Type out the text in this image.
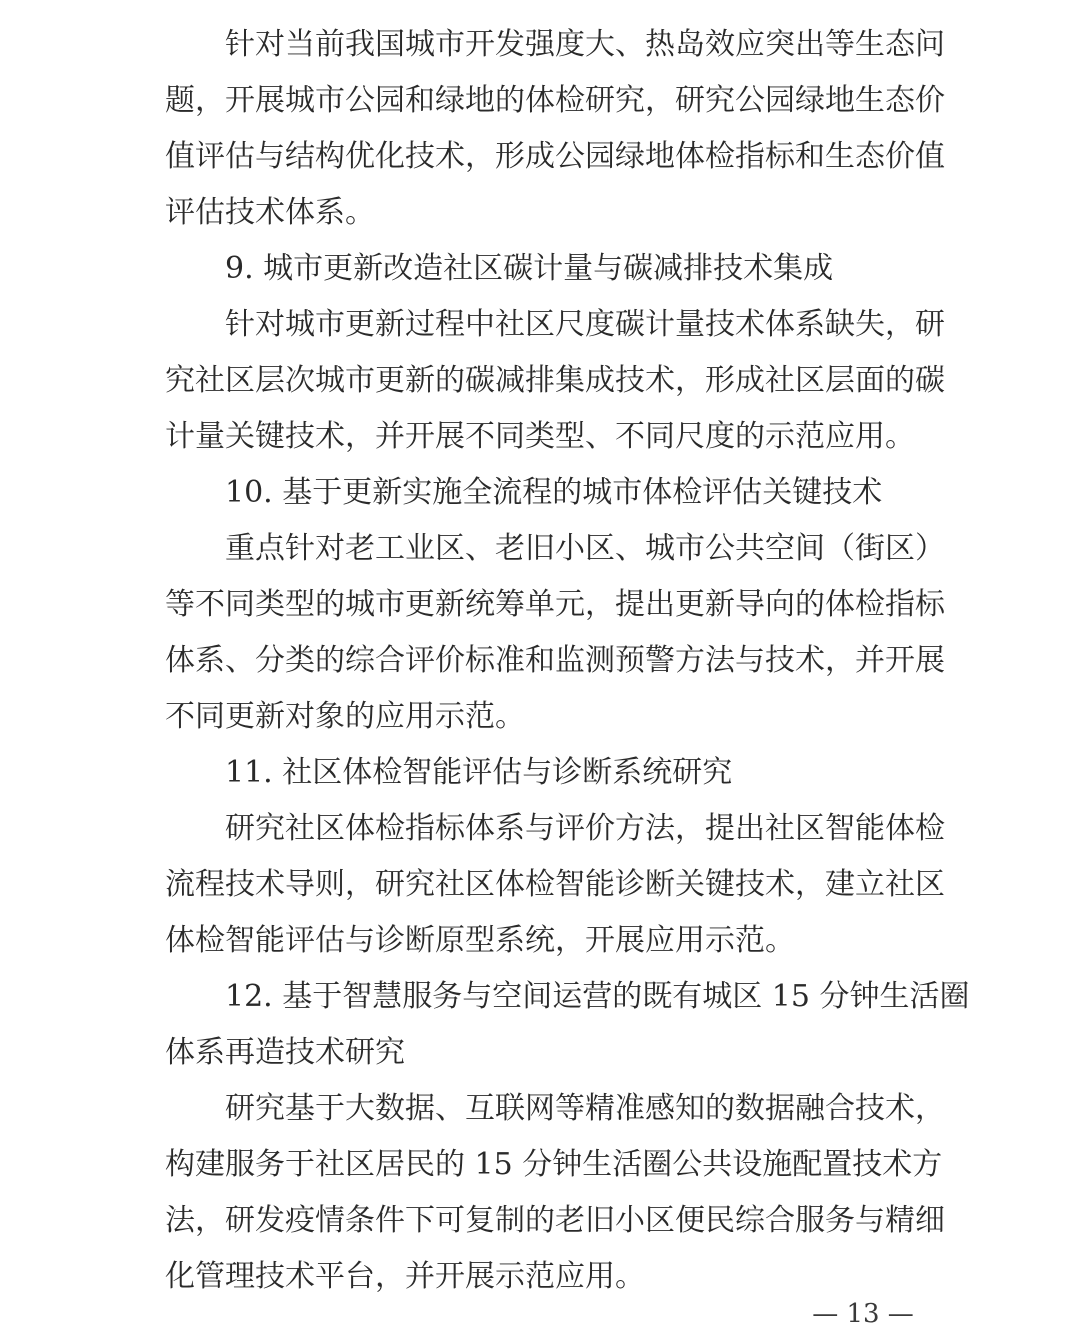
针对当前我国城市开发强度大、热岛效应突出等生态问
题，开展城市公园和绿地的体检研究，研究公园绿地生态价
值评估与结构优化技术，形成公园绿地体检指标和生态价值
评估技术体系。
9. 城市更新改造社区碳计量与碳减排技术集成
针对城市更新过程中社区尺度碳计量技术体系缺失，研
究社区层次城市更新的碳减排集成技术，形成社区层面的碳
计量关键技术，并开展不同类型、不同尺度的示范应用。
10. 基于更新实施全流程的城市体检评估关键技术
重点针对老工业区、老旧小区、城市公共空间（街区）
等不同类型的城市更新统筹单元，提出更新导向的体检指标
体系、分类的综合评价标准和监测预警方法与技术，并开展
不同更新对象的应用示范。
11. 社区体检智能评估与诊断系统研究
研究社区体检指标体系与评价方法，提出社区智能体检
流程技术导则，研究社区体检智能诊断关键技术，建立社区
体检智能评估与诊断原型系统，开展应用示范。
12. 基于智慧服务与空间运营的既有城区 15 分钟生活圈
体系再造技术研究
研究基于大数据、互联网等精准感知的数据融合技术，
构建服务于社区居民的 15 分钟生活圈公共设施配置技术方
法，研发疫情条件下可复制的老旧小区便民综合服务与精细
化管理技术平台，并开展示范应用。
— 13 —
